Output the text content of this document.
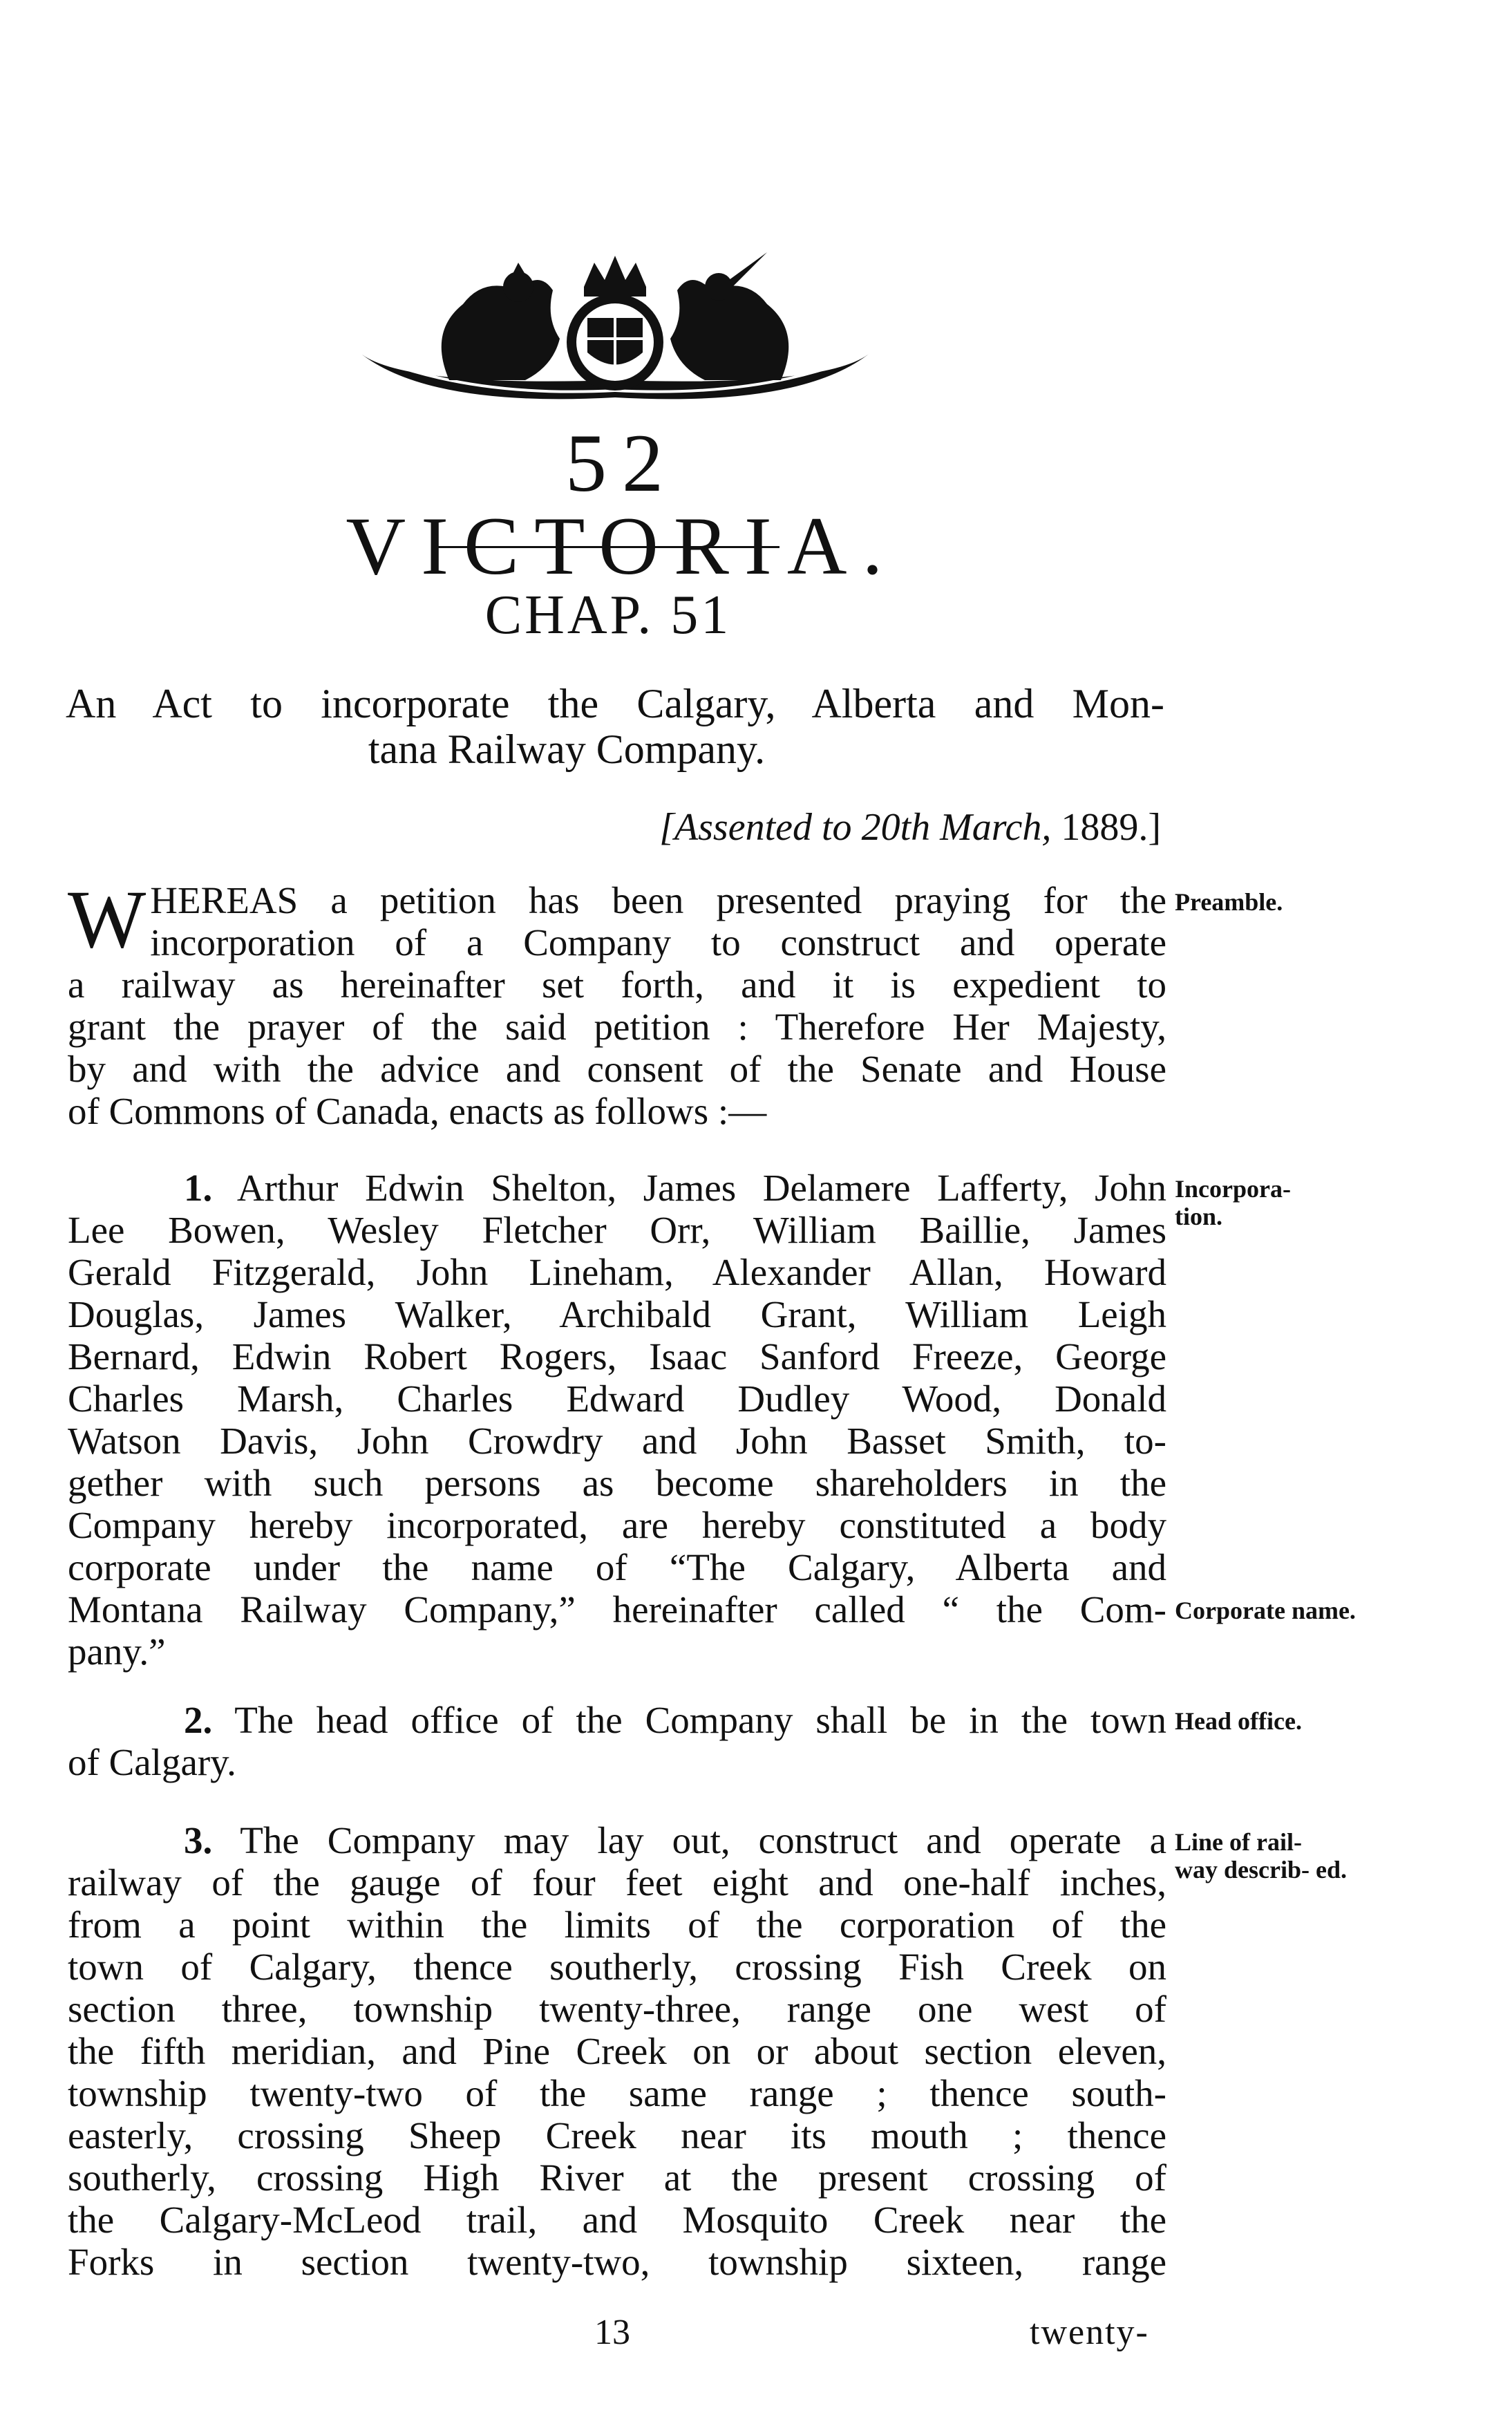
52 VICTORIA.
CHAP. 51
An Act to incorporate the Calgary, Alberta and Mon-
tana Railway Company.
[Assented to 20th March, 1889.]
W HEREAS a petition has been presented praying for the
incorporation of a Company to construct and operate
a railway as hereinafter set forth, and it is expedient to
grant the prayer of the said petition : Therefore Her Majesty,
by and with the advice and consent of the Senate and House
of Commons of Canada, enacts as follows :—
1. Arthur Edwin Shelton, James Delamere Lafferty, John
Lee Bowen, Wesley Fletcher Orr, William Baillie, James
Gerald Fitzgerald, John Lineham, Alexander Allan, Howard
Douglas, James Walker, Archibald Grant, William Leigh
Bernard, Edwin Robert Rogers, Isaac Sanford Freeze, George
Charles Marsh, Charles Edward Dudley Wood, Donald
Watson Davis, John Crowdry and John Basset Smith, to-
gether with such persons as become shareholders in the
Company hereby incorporated, are hereby constituted a body
corporate under the name of “The Calgary, Alberta and
Montana Railway Company,” hereinafter called “ the Com-
pany.”
2. The head office of the Company shall be in the town
of Calgary.
3. The Company may lay out, construct and operate a
railway of the gauge of four feet eight and one-half inches,
from a point within the limits of the corporation of the
town of Calgary, thence southerly, crossing Fish Creek on
section three, township twenty-three, range one west of
the fifth meridian, and Pine Creek on or about section eleven,
township twenty-two of the same range ; thence south-
easterly, crossing Sheep Creek near its mouth ; thence
southerly, crossing High River at the present crossing of
the Calgary-McLeod trail, and Mosquito Creek near the
Forks in section twenty-two, township sixteen, range
Preamble.
Incorpora- tion.
Corporate name.
Head office.
Line of rail- way describ- ed.
13	twenty-
